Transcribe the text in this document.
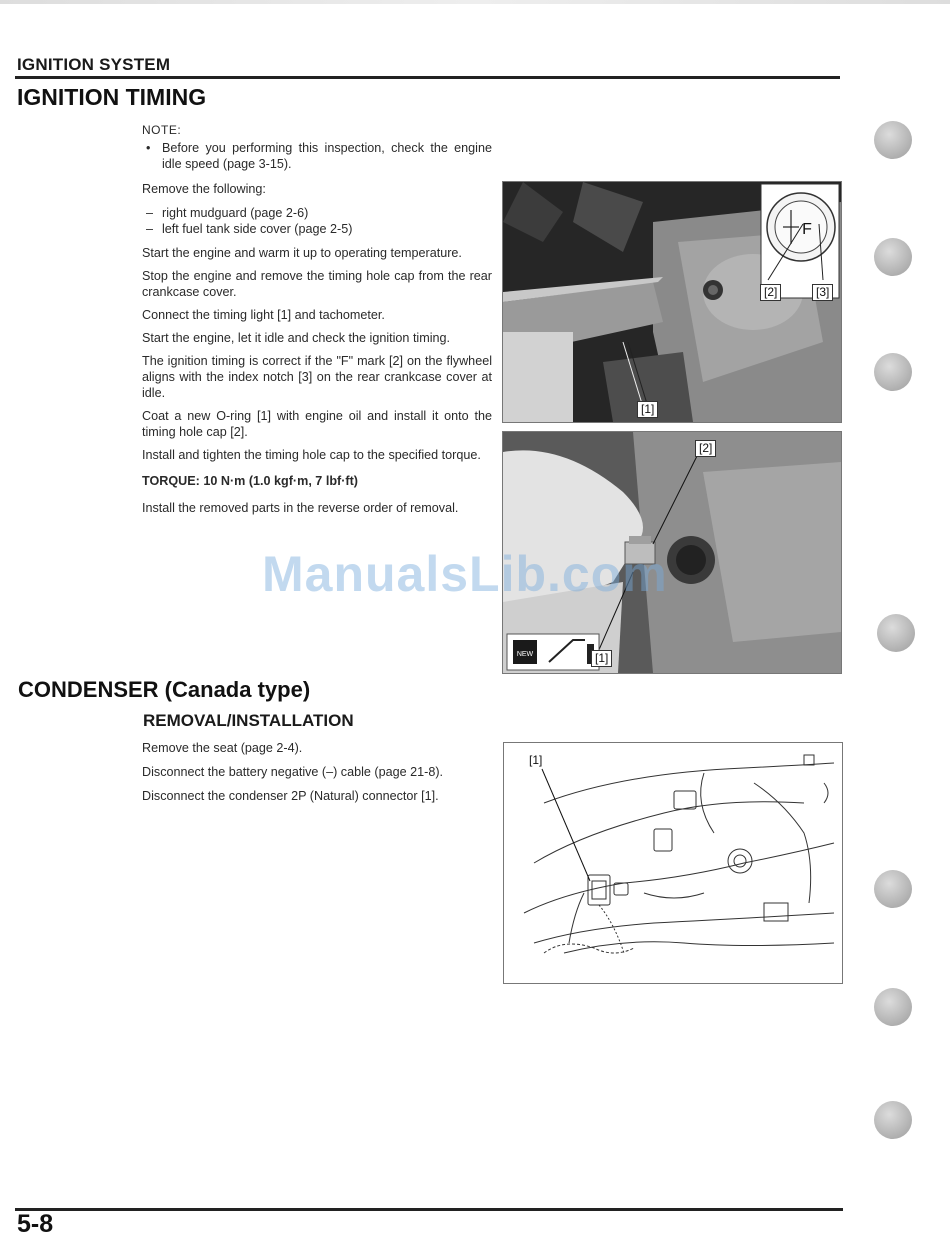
IGNITION SYSTEM
IGNITION TIMING

NOTE:

• Before you performing this inspection, check the engine idle speed (page 3-15).

Remove the following:

– right mudguard (page 2-6)
– left fuel tank side cover (page 2-5)

Start the engine and warm it up to operating temperature.

Stop the engine and remove the timing hole cap from the rear crankcase cover.

Connect the timing light [1] and tachometer.

Start the engine, let it idle and check the ignition timing.

The ignition timing is correct if the "F" mark [2] on the flywheel aligns with the index notch [3] on the rear crankcase cover at idle.

Coat a new O-ring [1] with engine oil and install it onto the timing hole cap [2].

Install and tighten the timing hole cap to the specified torque.

TORQUE: 10 N·m (1.0 kgf·m, 7 lbf·ft)

Install the removed parts in the reverse order of removal.

F
[2]	[3]
[1]
NEW
[2]
[1]
ManualsLib.com
CONDENSER (Canada type)
REMOVAL/INSTALLATION

Remove the seat (page 2-4).

Disconnect the battery negative (–) cable (page 21-8).

Disconnect the condenser 2P (Natural) connector [1].

[1]
5-8
